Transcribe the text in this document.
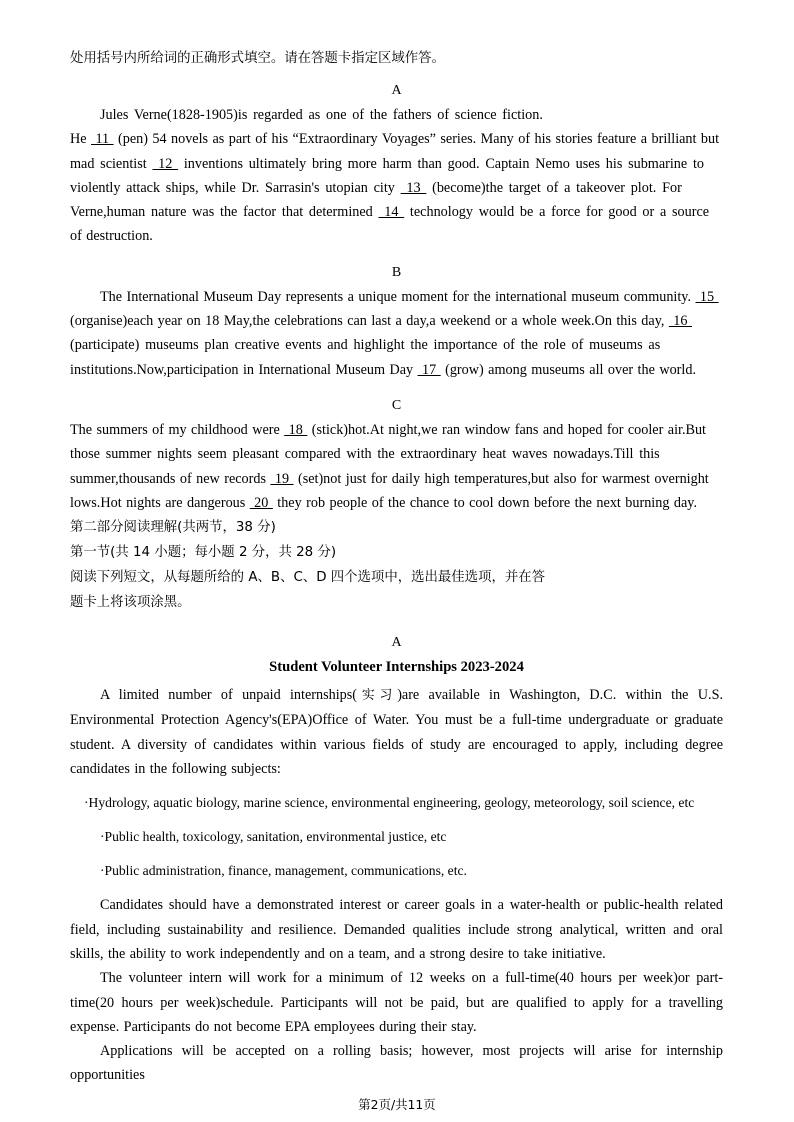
处用括号内所给词的正确形式填空。请在答题卡指定区域作答。

A

Jules Verne(1828-1905)is regarded as one of the fathers of science fiction.

He  11  (pen) 54 novels as part of his “Extraordinary Voyages” series. Many of his stories feature a brilliant but

mad scientist  12  inventions ultimately bring more harm than good. Captain Nemo uses his submarine to

violently attack ships, while Dr. Sarrasin's utopian city  13  (become)the target of a takeover plot. For

Verne,human nature was the factor that determined  14  technology would be a force for good or a source

of destruction.

B

The International Museum Day represents a unique moment for the international museum community.  15

(organise)each year on 18 May,the celebrations can last a day,a weekend or a whole week.On this day,  16

(participate) museums plan creative events and highlight the importance of the role of museums as

institutions.Now,participation in International Museum Day  17  (grow) among museums all over the world.

C

The summers of my childhood were  18  (stick)hot.At night,we ran window fans and hoped for cooler air.But

those summer nights seem pleasant compared with the extraordinary heat waves nowadays.Till this

summer,thousands of new records  19  (set)not just for daily high temperatures,but also for warmest overnight

lows.Hot nights are dangerous  20  they rob people of the chance to cool down before the next burning day.

第二部分阅读理解(共两节，38 分)

第一节(共 14 小题；每小题 2 分，共 28 分)

阅读下列短文，从每题所给的 A、B、C、D 四个选项中，选出最佳选项，并在答

题卡上将该项涂黑。

A

Student Volunteer Internships 2023-2024

A limited number of unpaid internships(实习)are available in Washington, D.C. within the U.S. Environmental Protection Agency's(EPA)Office of Water. You must be a full-time undergraduate or graduate student. A diversity of candidates within various fields of study are encouraged to apply, including degree candidates in the following subjects:

·Hydrology, aquatic biology, marine science, environmental engineering, geology, meteorology, soil science, etc

·Public health, toxicology, sanitation, environmental justice, etc

·Public administration, finance, management, communications, etc.

Candidates should have a demonstrated interest or career goals in a water-health or public-health related field, including sustainability and resilience. Demanded qualities include strong analytical, written and oral skills, the ability to work independently and on a team, and a strong desire to take initiative.

The volunteer intern will work for a minimum of 12 weeks on a full-time(40 hours per week)or part-time(20 hours per week)schedule. Participants will not be paid, but are qualified to apply for a travelling expense. Participants do not become EPA employees during their stay.

Applications will be accepted on a rolling basis; however, most projects will arise for internship opportunities

第2页/共11页
